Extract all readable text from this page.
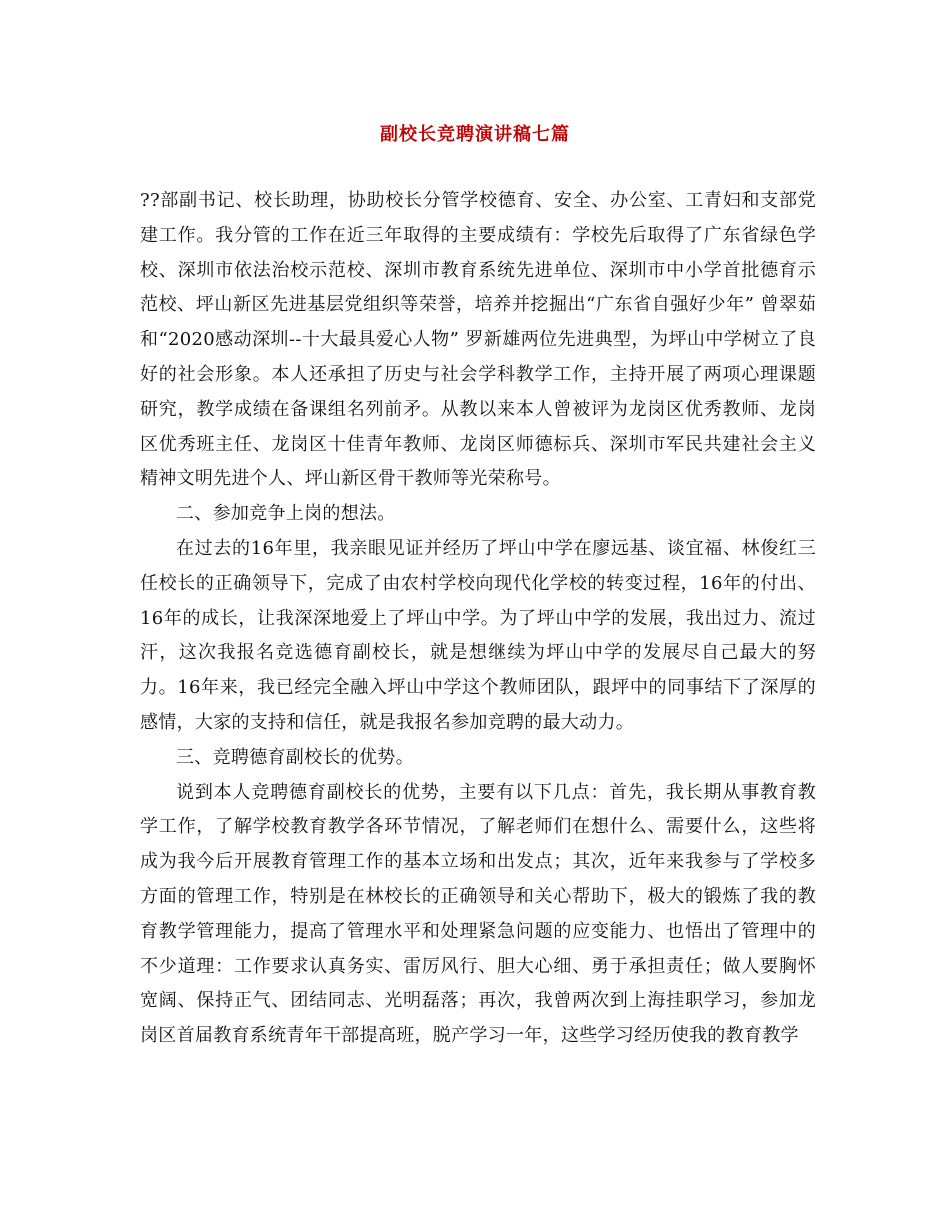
副校长竞聘演讲稿七篇

??部副书记、校长助理，协助校长分管学校德育、安全、办公室、工青妇和支部党建工作。我分管的工作在近三年取得的主要成绩有：学校先后取得了广东省绿色学校、深圳市依法治校示范校、深圳市教育系统先进单位、深圳市中小学首批德育示范校、坪山新区先进基层党组织等荣誉，培养并挖掘出“广东省自强好少年” 曾翠茹和“2020感动深圳--十大最具爱心人物” 罗新雄两位先进典型，为坪山中学树立了良好的社会形象。本人还承担了历史与社会学科教学工作，主持开展了两项心理课题研究，教学成绩在备课组名列前矛。从教以来本人曾被评为龙岗区优秀教师、龙岗区优秀班主任、龙岗区十佳青年教师、龙岗区师德标兵、深圳市军民共建社会主义精神文明先进个人、坪山新区骨干教师等光荣称号。

二、参加竞争上岗的想法。

在过去的16年里，我亲眼见证并经历了坪山中学在廖远基、谈宜福、林俊红三任校长的正确领导下，完成了由农村学校向现代化学校的转变过程，16年的付出、16年的成长，让我深深地爱上了坪山中学。为了坪山中学的发展，我出过力、流过汗，这次我报名竞选德育副校长，就是想继续为坪山中学的发展尽自己最大的努力。16年来，我已经完全融入坪山中学这个教师团队，跟坪中的同事结下了深厚的感情，大家的支持和信任，就是我报名参加竞聘的最大动力。

三、竞聘德育副校长的优势。

说到本人竞聘德育副校长的优势，主要有以下几点：首先，我长期从事教育教学工作，了解学校教育教学各环节情况，了解老师们在想什么、需要什么，这些将成为我今后开展教育管理工作的基本立场和出发点；其次，近年来我参与了学校多方面的管理工作，特别是在林校长的正确领导和关心帮助下，极大的锻炼了我的教育教学管理能力，提高了管理水平和处理紧急问题的应变能力、也悟出了管理中的不少道理：工作要求认真务实、雷厉风行、胆大心细、勇于承担责任；做人要胸怀宽阔、保持正气、团结同志、光明磊落；再次，我曾两次到上海挂职学习，参加龙岗区首届教育系统青年干部提高班，脱产学习一年，这些学习经历使我的教育教学
